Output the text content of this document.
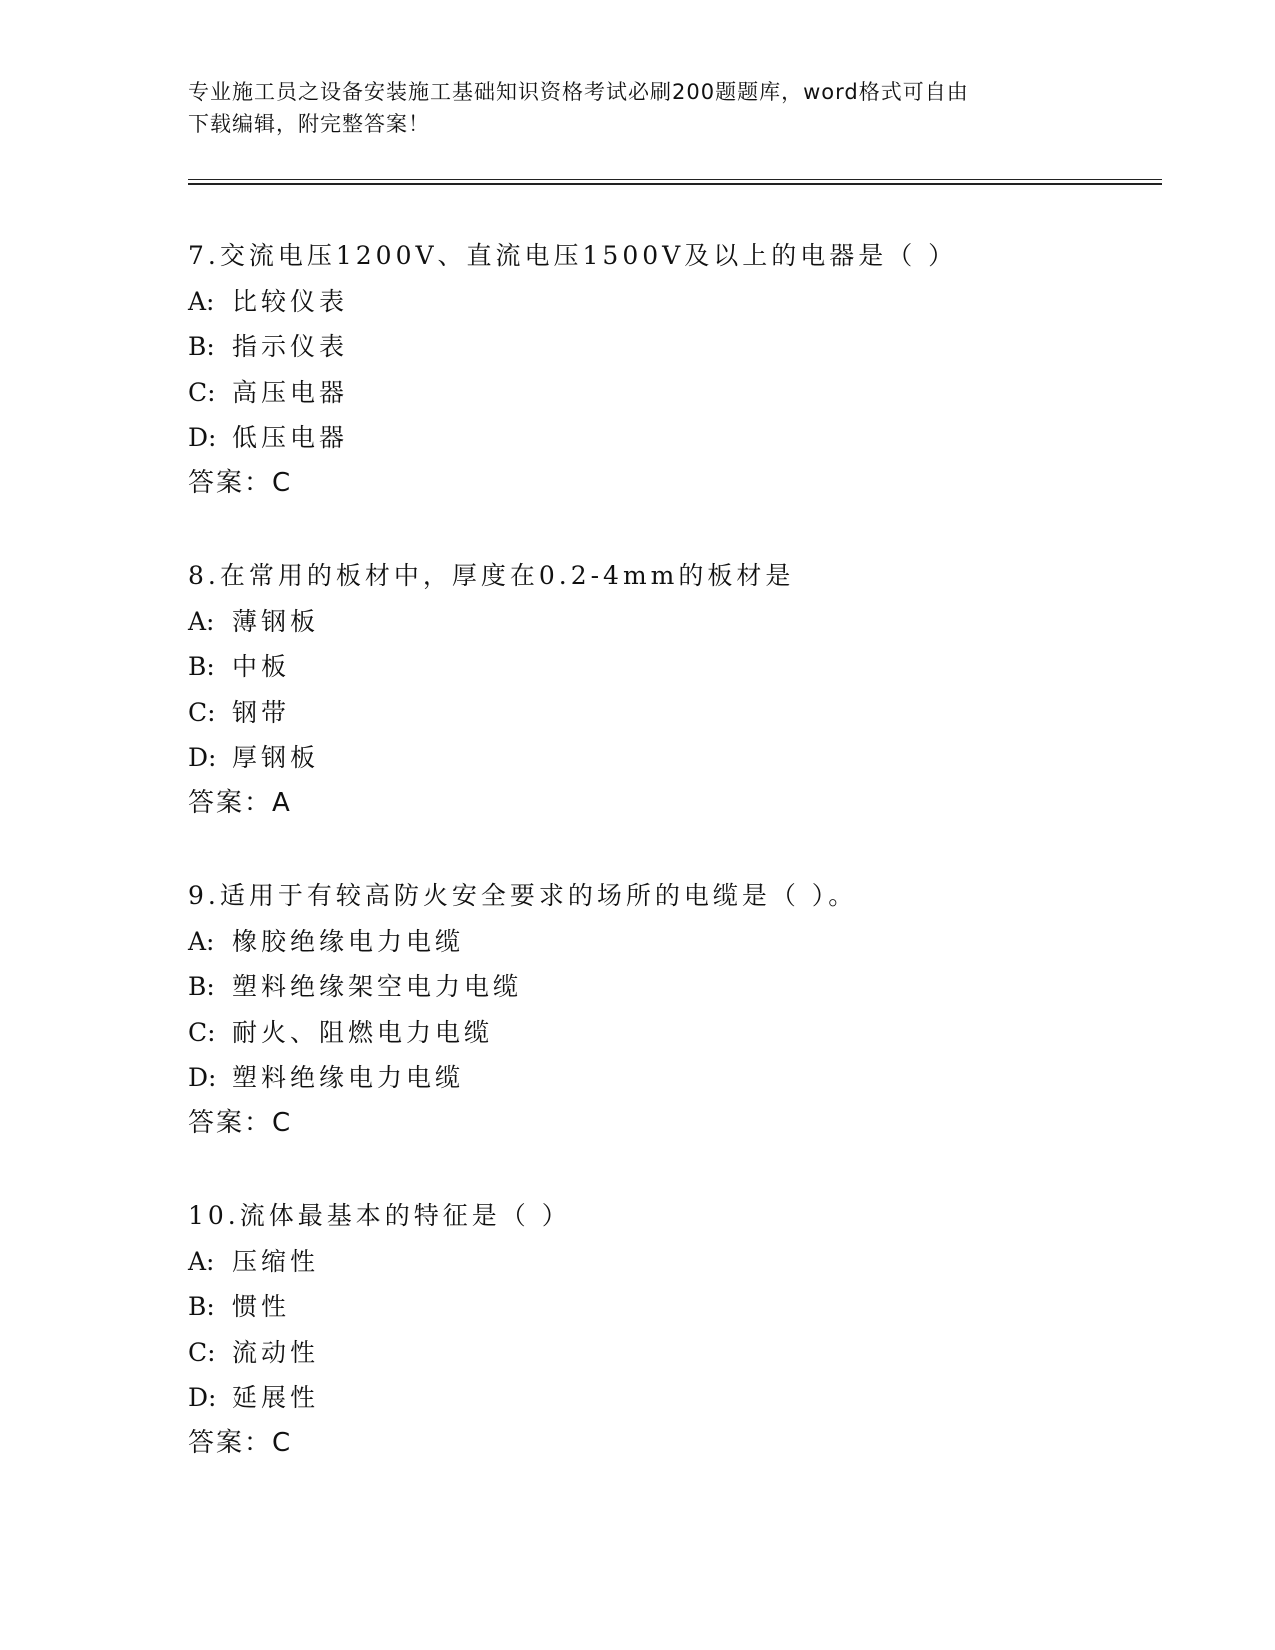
专业施工员之设备安装施工基础知识资格考试必刷200题题库，word格式可自由
下载编辑，附完整答案！
7.交流电压1200V、直流电压1500V及以上的电器是（ ）
A: 比较仪表
B: 指示仪表
C: 高压电器
D: 低压电器
答案：C
8.在常用的板材中，厚度在0.2-4mm的板材是
A: 薄钢板
B: 中板
C: 钢带
D: 厚钢板
答案：A
9.适用于有较高防火安全要求的场所的电缆是（ ）。
A: 橡胶绝缘电力电缆
B: 塑料绝缘架空电力电缆
C: 耐火、阻燃电力电缆
D: 塑料绝缘电力电缆
答案：C
10.流体最基本的特征是（ ）
A: 压缩性
B: 惯性
C: 流动性
D: 延展性
答案：C
